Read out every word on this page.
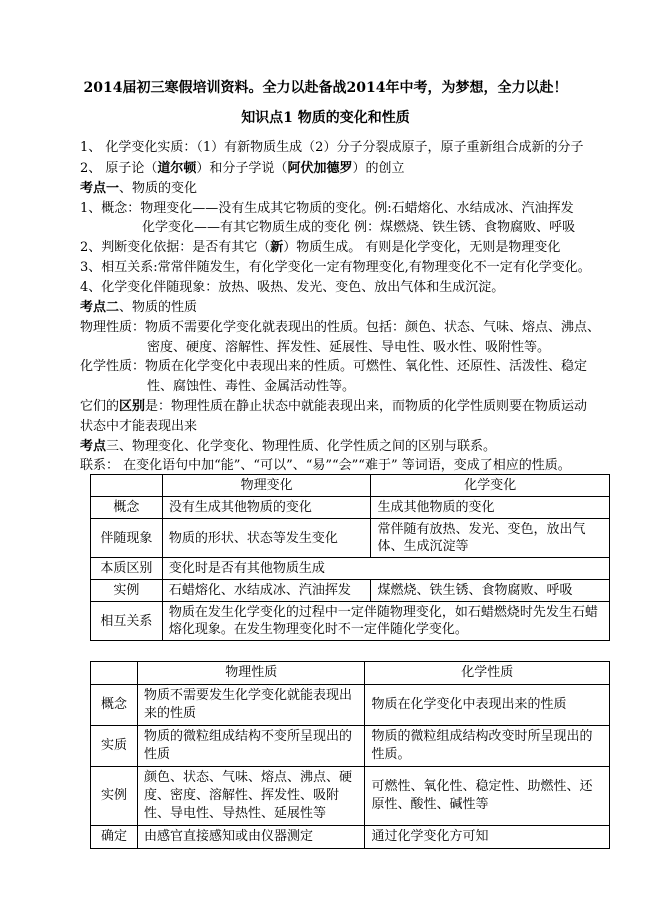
2014届初三寒假培训资料。全力以赴备战2014年中考，为梦想，全力以赴！
知识点1 物质的变化和性质
1、 化学变化实质：（1）有新物质生成（2）分子分裂成原子，原子重新组合成新的分子
2、 原子论（道尔顿）和分子学说（阿伏加德罗）的创立
考点一、物质的变化
1、概念：物理变化——没有生成其它物质的变化。例:石蜡熔化、水结成冰、汽油挥发
化学变化——有其它物质生成的变化 例：煤燃烧、铁生锈、食物腐败、呼吸
2、判断变化依据：是否有其它（新）物质生成。 有则是化学变化，无则是物理变化
3、相互关系:常常伴随发生，有化学变化一定有物理变化,有物理变化不一定有化学变化。
4、化学变化伴随现象：放热、吸热、发光、变色、放出气体和生成沉淀。
考点二、物质的性质
物理性质：物质不需要化学变化就表现出的性质。包括：颜色、状态、气味、熔点、沸点、
密度、硬度、溶解性、挥发性、延展性、导电性、吸水性、吸附性等。
化学性质：物质在化学变化中表现出来的性质。可燃性、氧化性、还原性、活泼性、稳定
性、腐蚀性、毒性、金属活动性等。
它们的区别是：物理性质在静止状态中就能表现出来，而物质的化学性质则要在物质运动
状态中才能表现出来
考点三、物理变化、化学变化、物理性质、化学性质之间的区别与联系。
联系： 在变化语句中加“能”、“可以”、“易”“会”“难于” 等词语，变成了相应的性质。
	物理变化	化学变化
概念	没有生成其他物质的变化	生成其他物质的变化
伴随现象	物质的形状、状态等发生变化	常伴随有放热、发光、变色，放出气体、生成沉淀等
本质区别	变化时是否有其他物质生成	
实例	石蜡熔化、水结成冰、汽油挥发	煤燃烧、铁生锈、食物腐败、呼吸
相互关系	物质在发生化学变化的过程中一定伴随物理变化，如石蜡燃烧时先发生石蜡熔化现象。在发生物理变化时不一定伴随化学变化。	
	物理性质	化学性质
概念	物质不需要发生化学变化就能表现出来的性质	物质在化学变化中表现出来的性质
实质	物质的微粒组成结构不变所呈现出的性质	物质的微粒组成结构改变时所呈现出的性质。
实例	颜色、状态、气味、熔点、沸点、硬度、密度、溶解性、挥发性、吸附性、导电性、导热性、延展性等	可燃性、氧化性、稳定性、助燃性、还原性、酸性、碱性等
确定	由感官直接感知或由仪器测定	通过化学变化方可知
